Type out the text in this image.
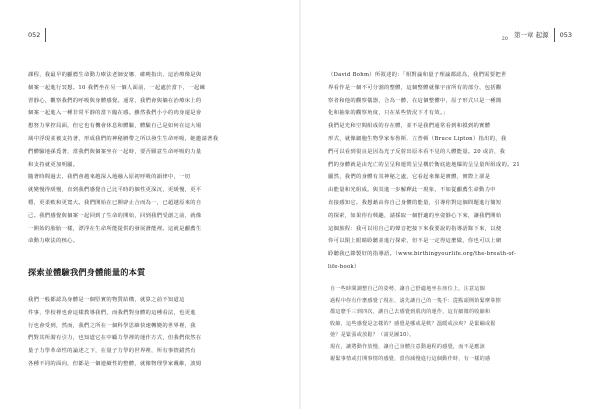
052

課程，我最早的顱薦生命動力療法老師安娜．確曉指出，這治療像是與

個案一起進行冥想。10 我們坐在另一個人面前，一起處於當下，一起練

習靜心，觀察我們的呼吸與身體感覺。通常，我們會與躺在治療床上的

個案一起進入一種非常平靜的當下臨在感。雖然我們小小的肉身還是會

想努力掌控局面，但它也有機會休息和體驗，體驗自己是如何在這大場

域中浮現並被支持著，形成我們的神秘臍帶之所以發生生命呼吸，她邀請著我

們體驗地孫覓著，當我們與個案坐在一起時，要否願意生命呼吸的力量

和支持就更加明顯。

隨著時間過去，我們會越來越深入地融入原初呼吸的韻律中，一切

就變慢得緩慢，直到我們感覺自己比平時的個性更深沉，更緩慢，更平

穩，更柔軟和更寬大。我們開始在已開辟止合而為一，已超越原來的自

己。我們感覺與個案一起回到了生命的開始，回到我們受創之前，就像

一開始的胎胎一樣，漂浮在生命所能提供的發展潛能裡。這就是顱薦生

命動力療法的核心。

探索並體驗我們身體能量的本質

我們一般都認為身體是一個堅實的物質結構，就算之前不知道這

件事，學校裡也會這樣教導我們，而我們對身體的這種看法，也更進

行也會受到，然而，我們之所在一個科學思維快速轉變的世界裡，我

們對其所謂有引力，也知道它在中顧力學裡的運作方式，但我們依然在

量子力學革命性的論述之下，在量子力學的世界裡，所有事情錯然有

各種不同的面向，但都是一個連續性的整體，就像物理學家戴維，波姆

第一章 起源 053
20

（David Bohm）所敘述的：「相對論和量子理論都認為，我們需要把世

界看作是一個不可分割的整體，這個整體就像宇宙所有的部分，包括觀

察者和他的觀察儀器，合為一體，在這個整體中，原子形式只是一種簡

化和抽象的觀察角度，只在某些情況下才有效。」

我們是光和空間組成的存在體，並不是我們通常看到和摸到的實體

形式，就像細胞生物學家布魯斯．立普頓（Bruce Lipton）指出的，我

們可以看到很良是因為光子反射出原本看不見的人體能量。20 或許，我

們的身體就是由光亡的呈呈和運閃呈呈構於衡底迪地爆的呈呈量所組成的。21

顯然，我們的身體有其神秘之處，它看起來像是實體，實際上卻是

由能量和光組成。與其進一步解釋此一現象，不如從顱薦生命動力中

直接感知它。我想藉由你自己身體的能量，引導你對這個問題進行簡短

的探索，如果你有興趣，請採取一個舒適的坐姿靜心下來，讓我們開始

這個旅程：我可以用自己的聲音把接下來我要說的指導語錄下來，以便

你可以閉上眼睛聆聽並進行探索，但不是一定得這麼做，你也可以上網

聆聽我已錄製好的指導語。（www.birthingyourlife.org/the-breath-of-

life-book）

自一些時間調整自己的姿勢，讓自己舒適地坐在座位上。注意這個

過程中你有什麼感覺了現在，請先讓自己的一隻手：從點頭開始緊摩挲擦

都這麼手三到四次，讓自己去感覺到肌肉的運作，這有細微的收縮和

收縮，這些感覺是怎樣的？感覺是哪或是軟？溫暖或涼爽？是緊繃或鬆

弛？是緊張或放鬆？（請見圖10）。

現在，讓將動作放慢，讓自己身體注意動過程的感覺，而不是應該

親緊事情或打開事情的感覺，當你減慢進行這個動作時，有一樣的感
